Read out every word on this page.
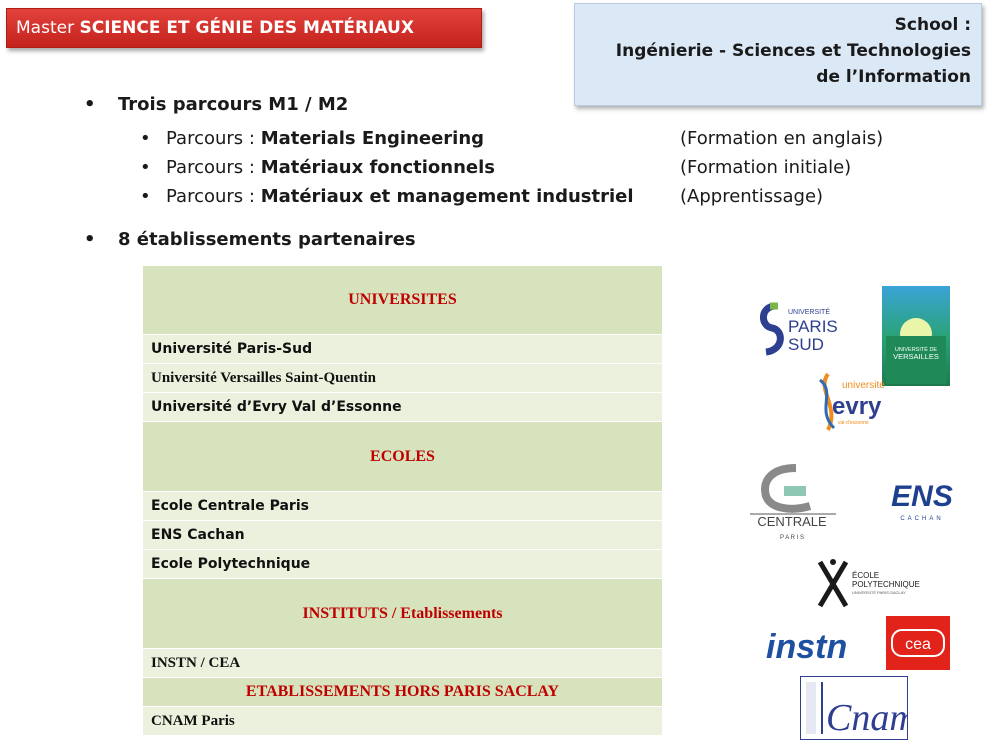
Master SCIENCE ET GÉNIE DES MATÉRIAUX	School :
Ingénierie - Sciences et Technologies
de l’Information
• Trois parcours M1 / M2
• Parcours : Materials Engineering	(Formation en anglais)
• Parcours : Matériaux fonctionnels	(Formation initiale)
• Parcours : Matériaux et management industriel	(Apprentissage)
• 8 établissements partenaires
UNIVERSITES
Université Paris-Sud
Université Versailles Saint-Quentin
Université d’Evry Val d’Essonne
ECOLES
Ecole Centrale Paris
ENS Cachan
Ecole Polytechnique
INSTITUTS / Etablissements
INSTN / CEA
ETABLISSEMENTS HORS PARIS SACLAY
CNAM Paris
UNIVERSITÉ
PARIS
SUD	UNIVERSITÉ DE
VERSAILLES
université
evry
val-d'essonne
CENTRALE
P A R I S
ENS
CACHAN
ÉCOLE
POLYTECHNIQUE
UNIVERSITÉ PARIS-SACLAY
instn	cea
Cnam
